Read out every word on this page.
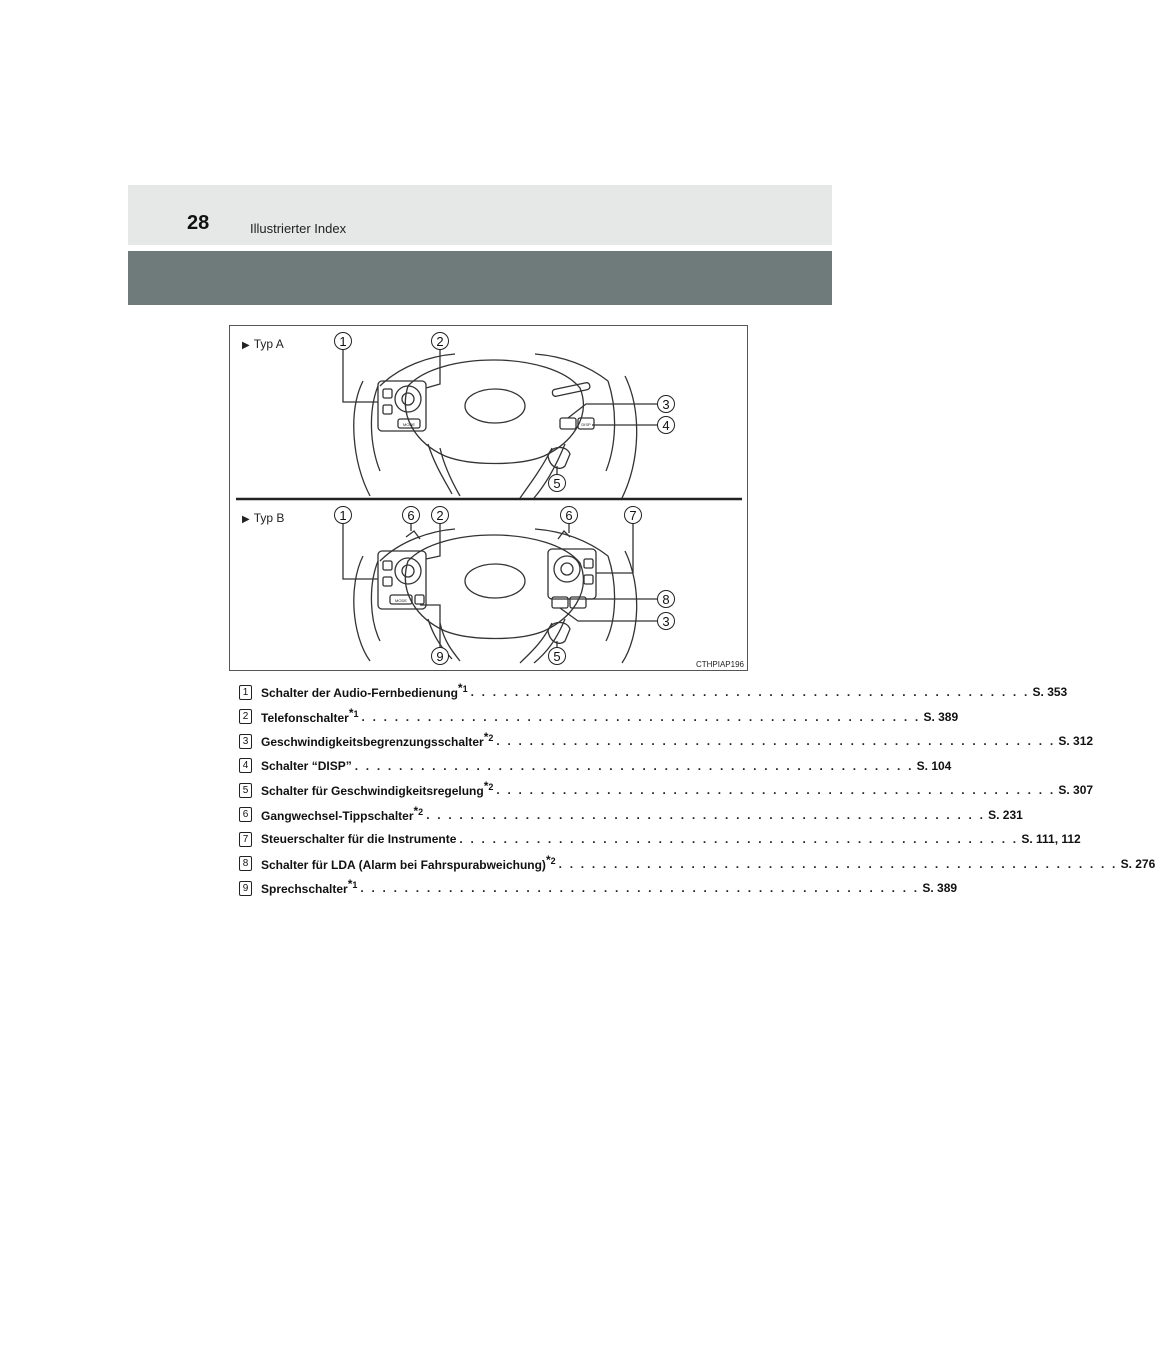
28	Illustrierter Index
1	2
3
4
5
1	6 2	6	7
8
3
9	5
MODE	DISP
MODE
▶ Typ A
▶ Typ B
CTHPIAP196
1	Schalter der Audio-Fernbedienung*$^1$ . . . . . . . . . . . . . . . . . . . . . . . . . . . . . . . . . . . . . . . . . . . . . . . . . . . S. 353
2	Telefonschalter*$^1$ . . . . . . . . . . . . . . . . . . . . . . . . . . . . . . . . . . . . . . . . . . . . . . . . . . . S. 389
3	Geschwindigkeitsbegrenzungsschalter*$^2$ . . . . . . . . . . . . . . . . . . . . . . . . . . . . . . . . . . . . . . . . . . . . . . . . . . . S. 312
4	Schalter “DISP” . . . . . . . . . . . . . . . . . . . . . . . . . . . . . . . . . . . . . . . . . . . . . . . . . . . S. 104
5	Schalter für Geschwindigkeitsregelung*$^2$ . . . . . . . . . . . . . . . . . . . . . . . . . . . . . . . . . . . . . . . . . . . . . . . . . . . S. 307
6	Gangwechsel-Tippschalter*$^2$ . . . . . . . . . . . . . . . . . . . . . . . . . . . . . . . . . . . . . . . . . . . . . . . . . . . S. 231
7	Steuerschalter für die Instrumente . . . . . . . . . . . . . . . . . . . . . . . . . . . . . . . . . . . . . . . . . . . . . . . . . . . S. 111, 112
8	Schalter für LDA (Alarm bei Fahrspurabweichung)*$^2$ . . . . . . . . . . . . . . . . . . . . . . . . . . . . . . . . . . . . . . . . . . . . . . . . . . . S. 276
9	Sprechschalter*$^1$ . . . . . . . . . . . . . . . . . . . . . . . . . . . . . . . . . . . . . . . . . . . . . . . . . . . S. 389
